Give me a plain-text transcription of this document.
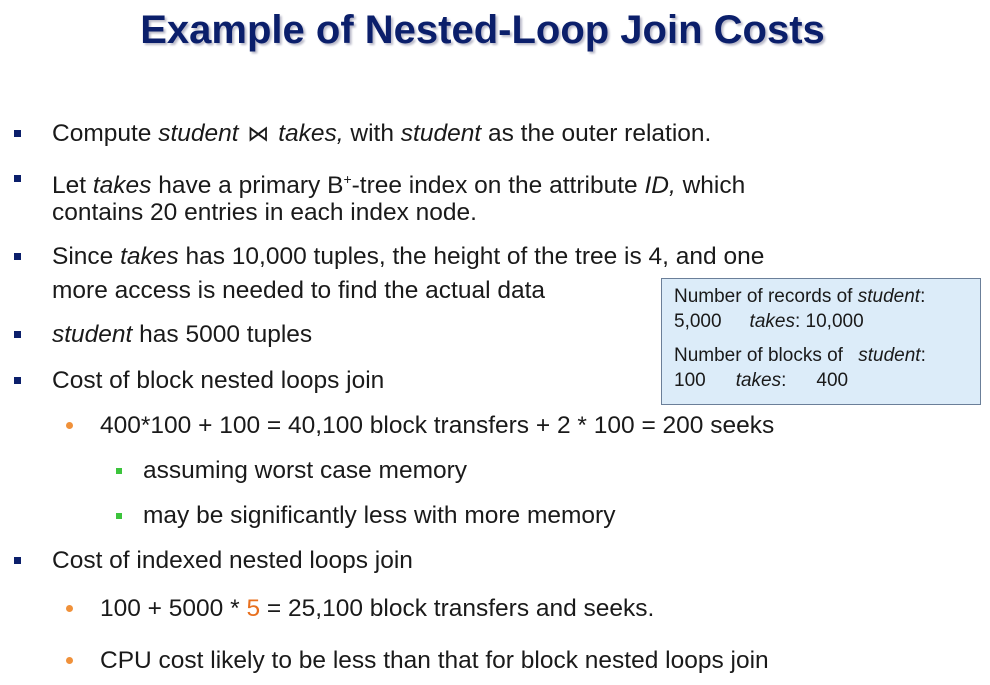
Example of Nested-Loop Join Costs
Compute student ⋈ takes, with student as the outer relation.
Let takes have a primary B+-tree index on the attribute ID, which
contains 20 entries in each index node.
Since takes has 10,000 tuples, the height of the tree is 4, and one
more access is needed to find the actual data
student has 5000 tuples
Cost of block nested loops join
400*100 + 100 = 40,100 block transfers + 2 * 100 = 200 seeks
assuming worst case memory
may be significantly less with more memory
Cost of indexed nested loops join
100 + 5000 * 5 = 25,100 block transfers and seeks.
CPU cost likely to be less than that for block nested loops join
Number of records of student:
5,000 takes: 10,000
Number of blocks of student:
100 takes: 400
